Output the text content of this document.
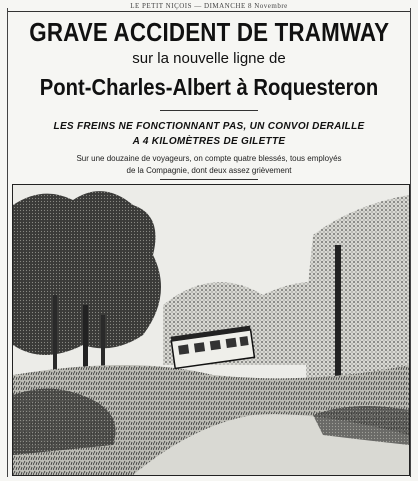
LE PETIT NIÇOIS — DIMANCHE 8 Novembre
GRAVE ACCIDENT DE TRAMWAY
sur la nouvelle ligne de
Pont-Charles-Albert à Roquesteron
LES FREINS NE FONCTIONNANT PAS, UN CONVOI DERAILLE
A 4 KILOMÈTRES DE GILETTE
Sur une douzaine de voyageurs, on compte quatre blessés, tous employés
de la Compagnie, dont deux assez grièvement
